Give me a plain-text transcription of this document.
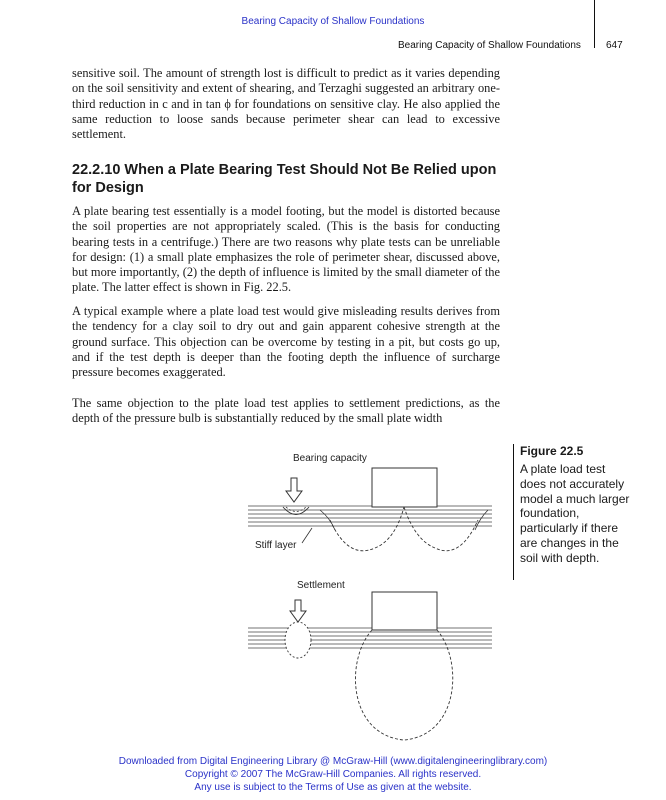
Bearing Capacity of Shallow Foundations
Bearing Capacity of Shallow Foundations	647
sensitive soil. The amount of strength lost is difficult to predict as it varies depending on the soil sensitivity and extent of shearing, and Terzaghi suggested an arbitrary one-third reduction in c and in tan ϕ for foundations on sensitive clay. He also applied the same reduction to loose sands because perimeter shear can lead to excessive settlement.
22.2.10 When a Plate Bearing Test Should Not Be Relied upon for Design
A plate bearing test essentially is a model footing, but the model is distorted because the soil properties are not appropriately scaled. (This is the basis for conducting bearing tests in a centrifuge.) There are two reasons why plate tests can be unreliable for design: (1) a small plate emphasizes the role of perimeter shear, discussed above, but more importantly, (2) the depth of influence is limited by the small diameter of the plate. The latter effect is shown in Fig. 22.5.
A typical example where a plate load test would give misleading results derives from the tendency for a clay soil to dry out and gain apparent cohesive strength at the ground surface. This objection can be overcome by testing in a pit, but costs go up, and if the test depth is deeper than the footing depth the influence of surcharge pressure becomes exaggerated.
The same objection to the plate load test applies to settlement predictions, as the depth of the pressure bulb is substantially reduced by the small plate width
Bearing capacity
Stiff layer
Settlement
Figure 22.5
A plate load test does not accurately model a much larger foundation, particularly if there are changes in the soil with depth.
Downloaded from Digital Engineering Library @ McGraw-Hill (www.digitalengineeringlibrary.com)
Copyright © 2007 The McGraw-Hill Companies. All rights reserved.
Any use is subject to the Terms of Use as given at the website.
